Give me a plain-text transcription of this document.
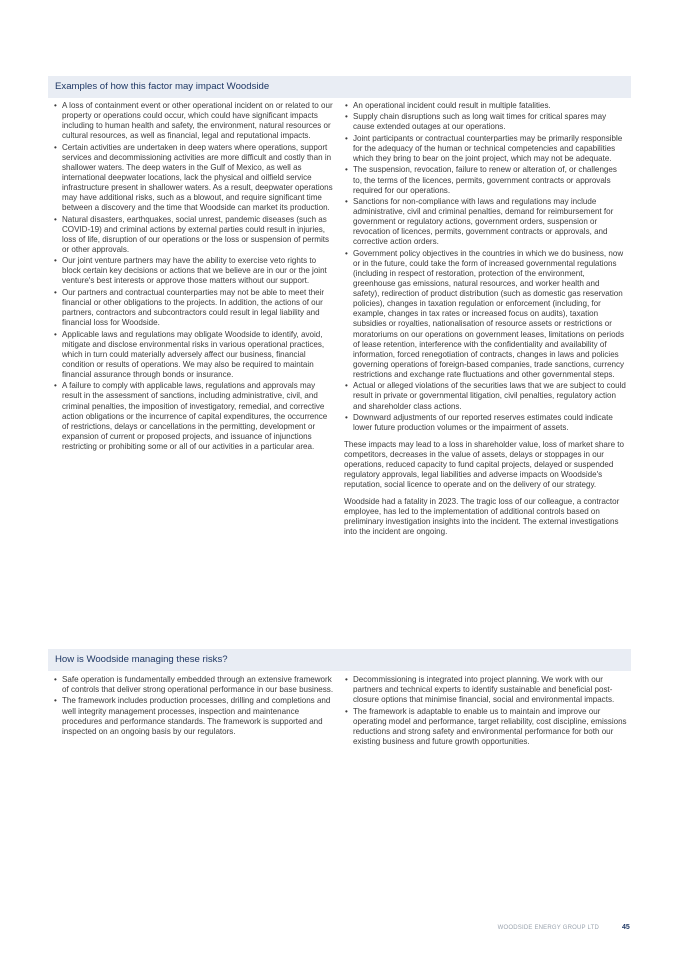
Examples of how this factor may impact Woodside
• A loss of containment event or other operational incident on or related to our property or operations could occur, which could have significant impacts including to human health and safety, the environment, natural resources or cultural resources, as well as financial, legal and reputational impacts.
• Certain activities are undertaken in deep waters where operations, support services and decommissioning activities are more difficult and costly than in shallower waters. The deep waters in the Gulf of Mexico, as well as international deepwater locations, lack the physical and oilfield service infrastructure present in shallower waters. As a result, deepwater operations may have additional risks, such as a blowout, and require significant time between a discovery and the time that Woodside can market its production.
• Natural disasters, earthquakes, social unrest, pandemic diseases (such as COVID-19) and criminal actions by external parties could result in injuries, loss of life, disruption of our operations or the loss or suspension of permits or other approvals.
• Our joint venture partners may have the ability to exercise veto rights to block certain key decisions or actions that we believe are in our or the joint venture's best interests or approve those matters without our support.
• Our partners and contractual counterparties may not be able to meet their financial or other obligations to the projects. In addition, the actions of our partners, contractors and subcontractors could result in legal liability and financial loss for Woodside.
• Applicable laws and regulations may obligate Woodside to identify, avoid, mitigate and disclose environmental risks in various operational practices, which in turn could materially adversely affect our business, financial condition or results of operations. We may also be required to maintain financial assurance through bonds or insurance.
• A failure to comply with applicable laws, regulations and approvals may result in the assessment of sanctions, including administrative, civil, and criminal penalties, the imposition of investigatory, remedial, and corrective action obligations or the incurrence of capital expenditures, the occurrence of restrictions, delays or cancellations in the permitting, development or expansion of current or proposed projects, and issuance of injunctions restricting or prohibiting some or all of our activities in a particular area.
• An operational incident could result in multiple fatalities.
• Supply chain disruptions such as long wait times for critical spares may cause extended outages at our operations.
• Joint participants or contractual counterparties may be primarily responsible for the adequacy of the human or technical competencies and capabilities which they bring to bear on the joint project, which may not be adequate.
• The suspension, revocation, failure to renew or alteration of, or challenges to, the terms of the licences, permits, government contracts or approvals required for our operations.
• Sanctions for non-compliance with laws and regulations may include administrative, civil and criminal penalties, demand for reimbursement for government or regulatory actions, government orders, suspension or revocation of licences, permits, government contracts or approvals, and corrective action orders.
• Government policy objectives in the countries in which we do business, now or in the future, could take the form of increased governmental regulations (including in respect of restoration, protection of the environment, greenhouse gas emissions, natural resources, and worker health and safety), redirection of product distribution (such as domestic gas reservation policies), changes in taxation regulation or enforcement (including, for example, changes in tax rates or increased focus on audits), taxation subsidies or royalties, nationalisation of resource assets or restrictions or moratoriums on our operations on government leases, limitations on periods of lease retention, interference with the confidentiality and availability of information, forced renegotiation of contracts, changes in laws and policies governing operations of foreign-based companies, trade sanctions, currency restrictions and exchange rate fluctuations and other governmental steps.
• Actual or alleged violations of the securities laws that we are subject to could result in private or governmental litigation, civil penalties, regulatory action and shareholder class actions.
• Downward adjustments of our reported reserves estimates could indicate lower future production volumes or the impairment of assets.

These impacts may lead to a loss in shareholder value, loss of market share to competitors, decreases in the value of assets, delays or stoppages in our operations, reduced capacity to fund capital projects, delayed or suspended regulatory approvals, legal liabilities and adverse impacts on Woodside's reputation, social licence to operate and on the delivery of our strategy.

Woodside had a fatality in 2023. The tragic loss of our colleague, a contractor employee, has led to the implementation of additional controls based on preliminary investigation insights into the incident. The external investigations into the incident are ongoing.

How is Woodside managing these risks?
• Safe operation is fundamentally embedded through an extensive framework of controls that deliver strong operational performance in our base business.
• The framework includes production processes, drilling and completions and well integrity management processes, inspection and maintenance procedures and performance standards. The framework is supported and inspected on an ongoing basis by our regulators.
• Decommissioning is integrated into project planning. We work with our partners and technical experts to identify sustainable and beneficial post-closure options that minimise financial, social and environmental impacts.
• The framework is adaptable to enable us to maintain and improve our operating model and performance, target reliability, cost discipline, emissions reductions and strong safety and environmental performance for both our existing business and future growth opportunities.
WOODSIDE ENERGY GROUP LTD	45
